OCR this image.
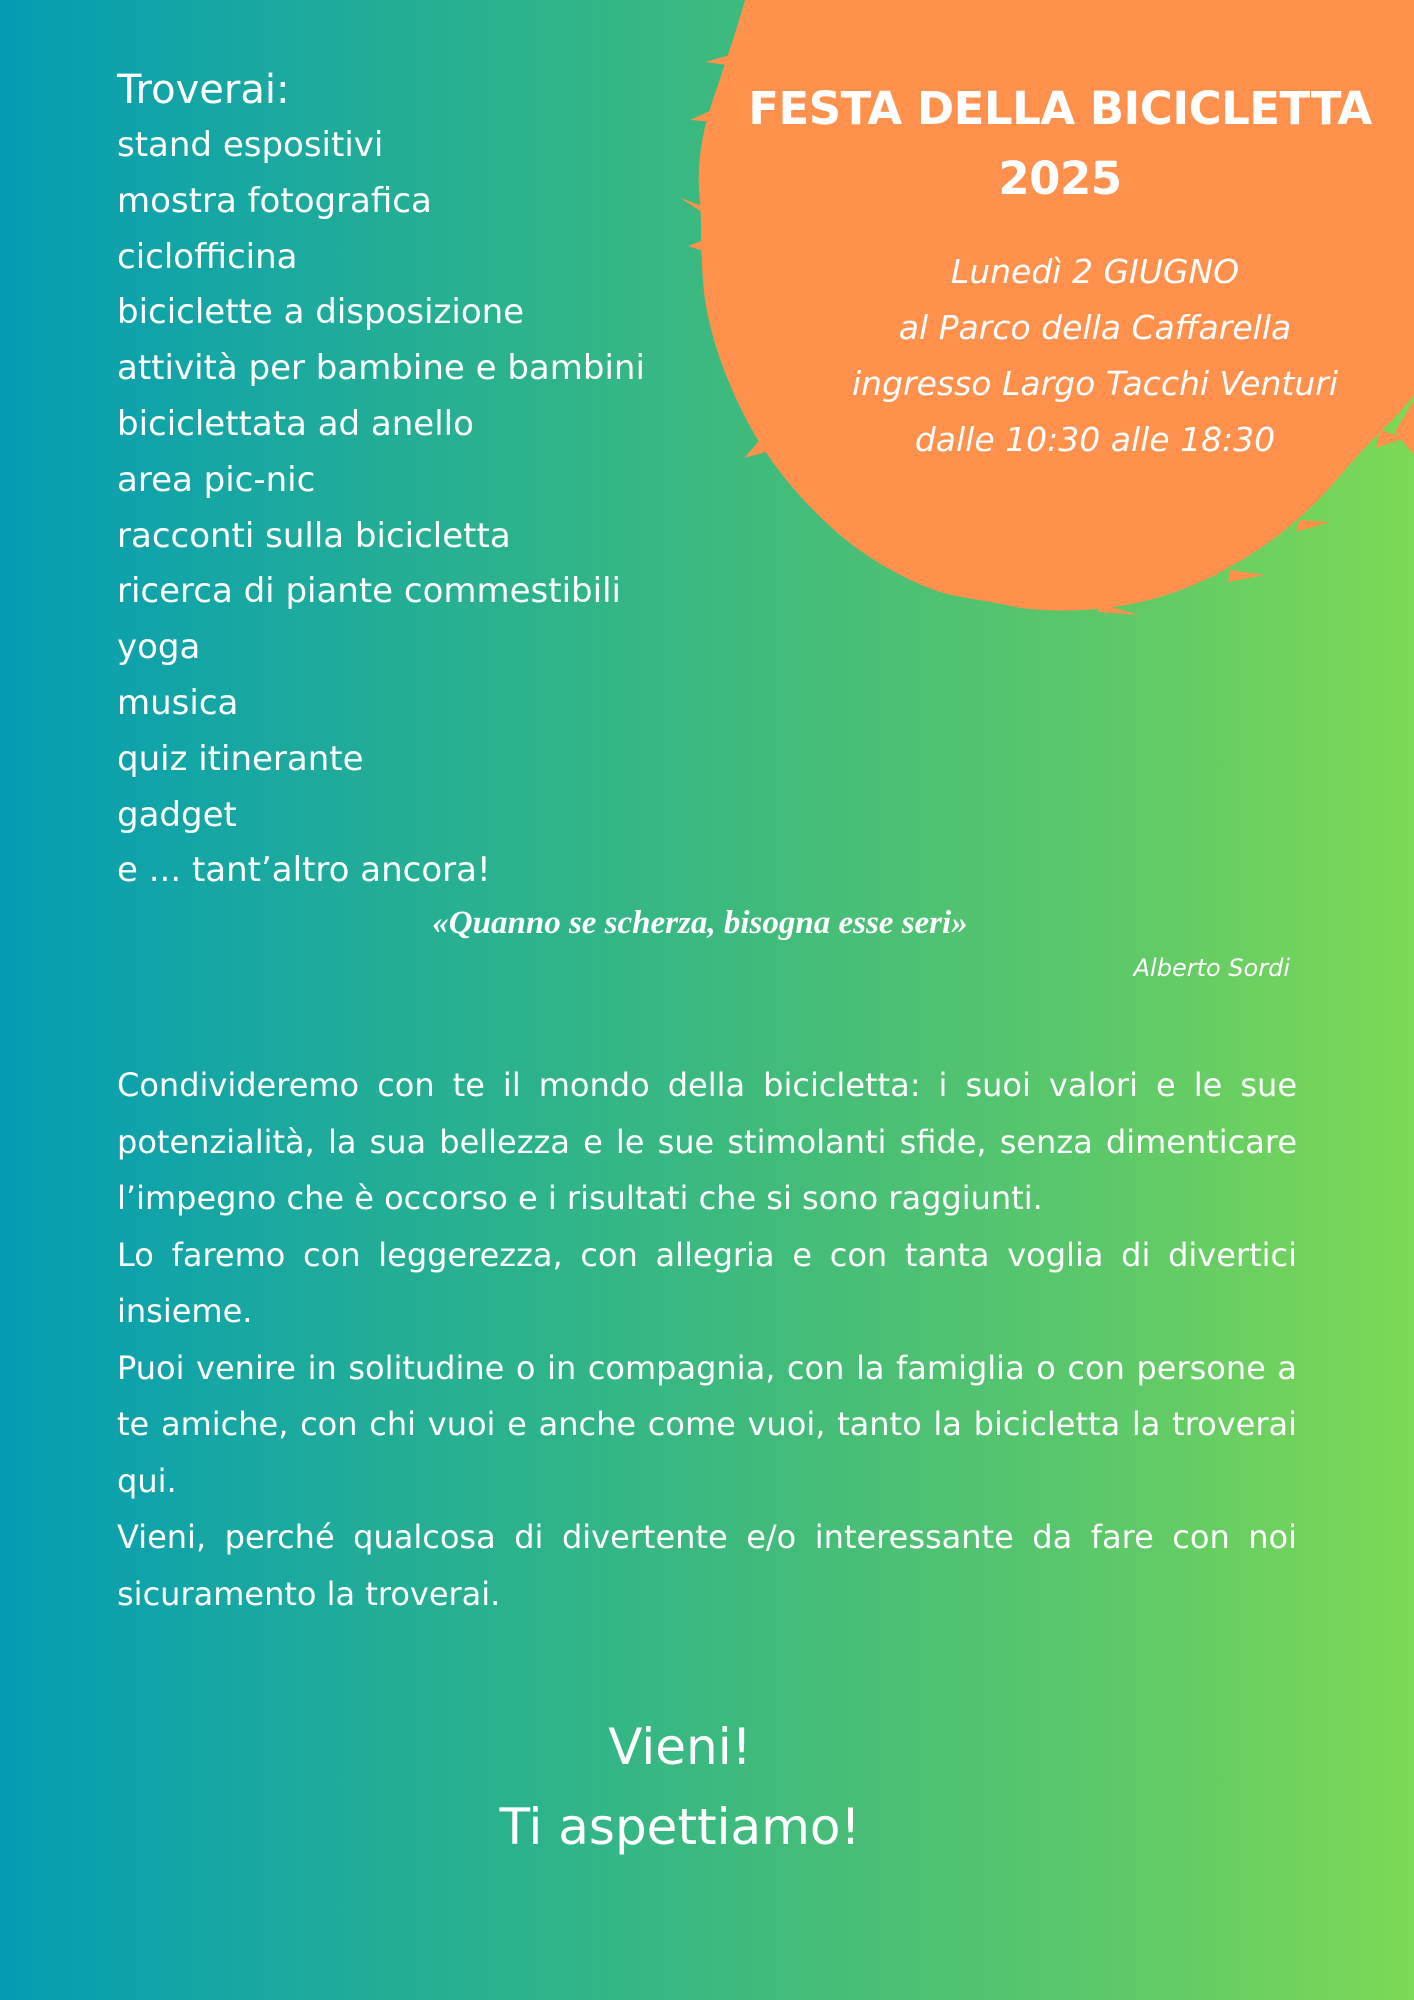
Troverai:
stand espositivi
mostra fotografica
ciclofficina
biciclette a disposizione
attività per bambine e bambini
biciclettata ad anello
area pic-nic
racconti sulla bicicletta
ricerca di piante commestibili
yoga
musica
quiz itinerante
gadget
e ... tant’altro ancora!
FESTA DELLA BICICLETTA
2025
Lunedì 2 GIUGNO
al Parco della Caffarella
ingresso Largo Tacchi Venturi
dalle 10:30 alle 18:30
«Quanno se scherza, bisogna esse seri»
Alberto Sordi

Condivideremo con te il mondo della bicicletta: i suoi valori e le sue potenzialità, la sua bellezza e le sue stimolanti sfide, senza dimenticare l’impegno che è occorso e i risultati che si sono raggiunti.

Lo faremo con leggerezza, con allegria e con tanta voglia di divertici insieme.

Puoi venire in solitudine o in compagnia, con la famiglia o con persone a te amiche, con chi vuoi e anche come vuoi, tanto la bicicletta la troverai qui.

Vieni, perché qualcosa di divertente e/o interessante da fare con noi sicuramento la troverai.

Vieni!
Ti aspettiamo!
